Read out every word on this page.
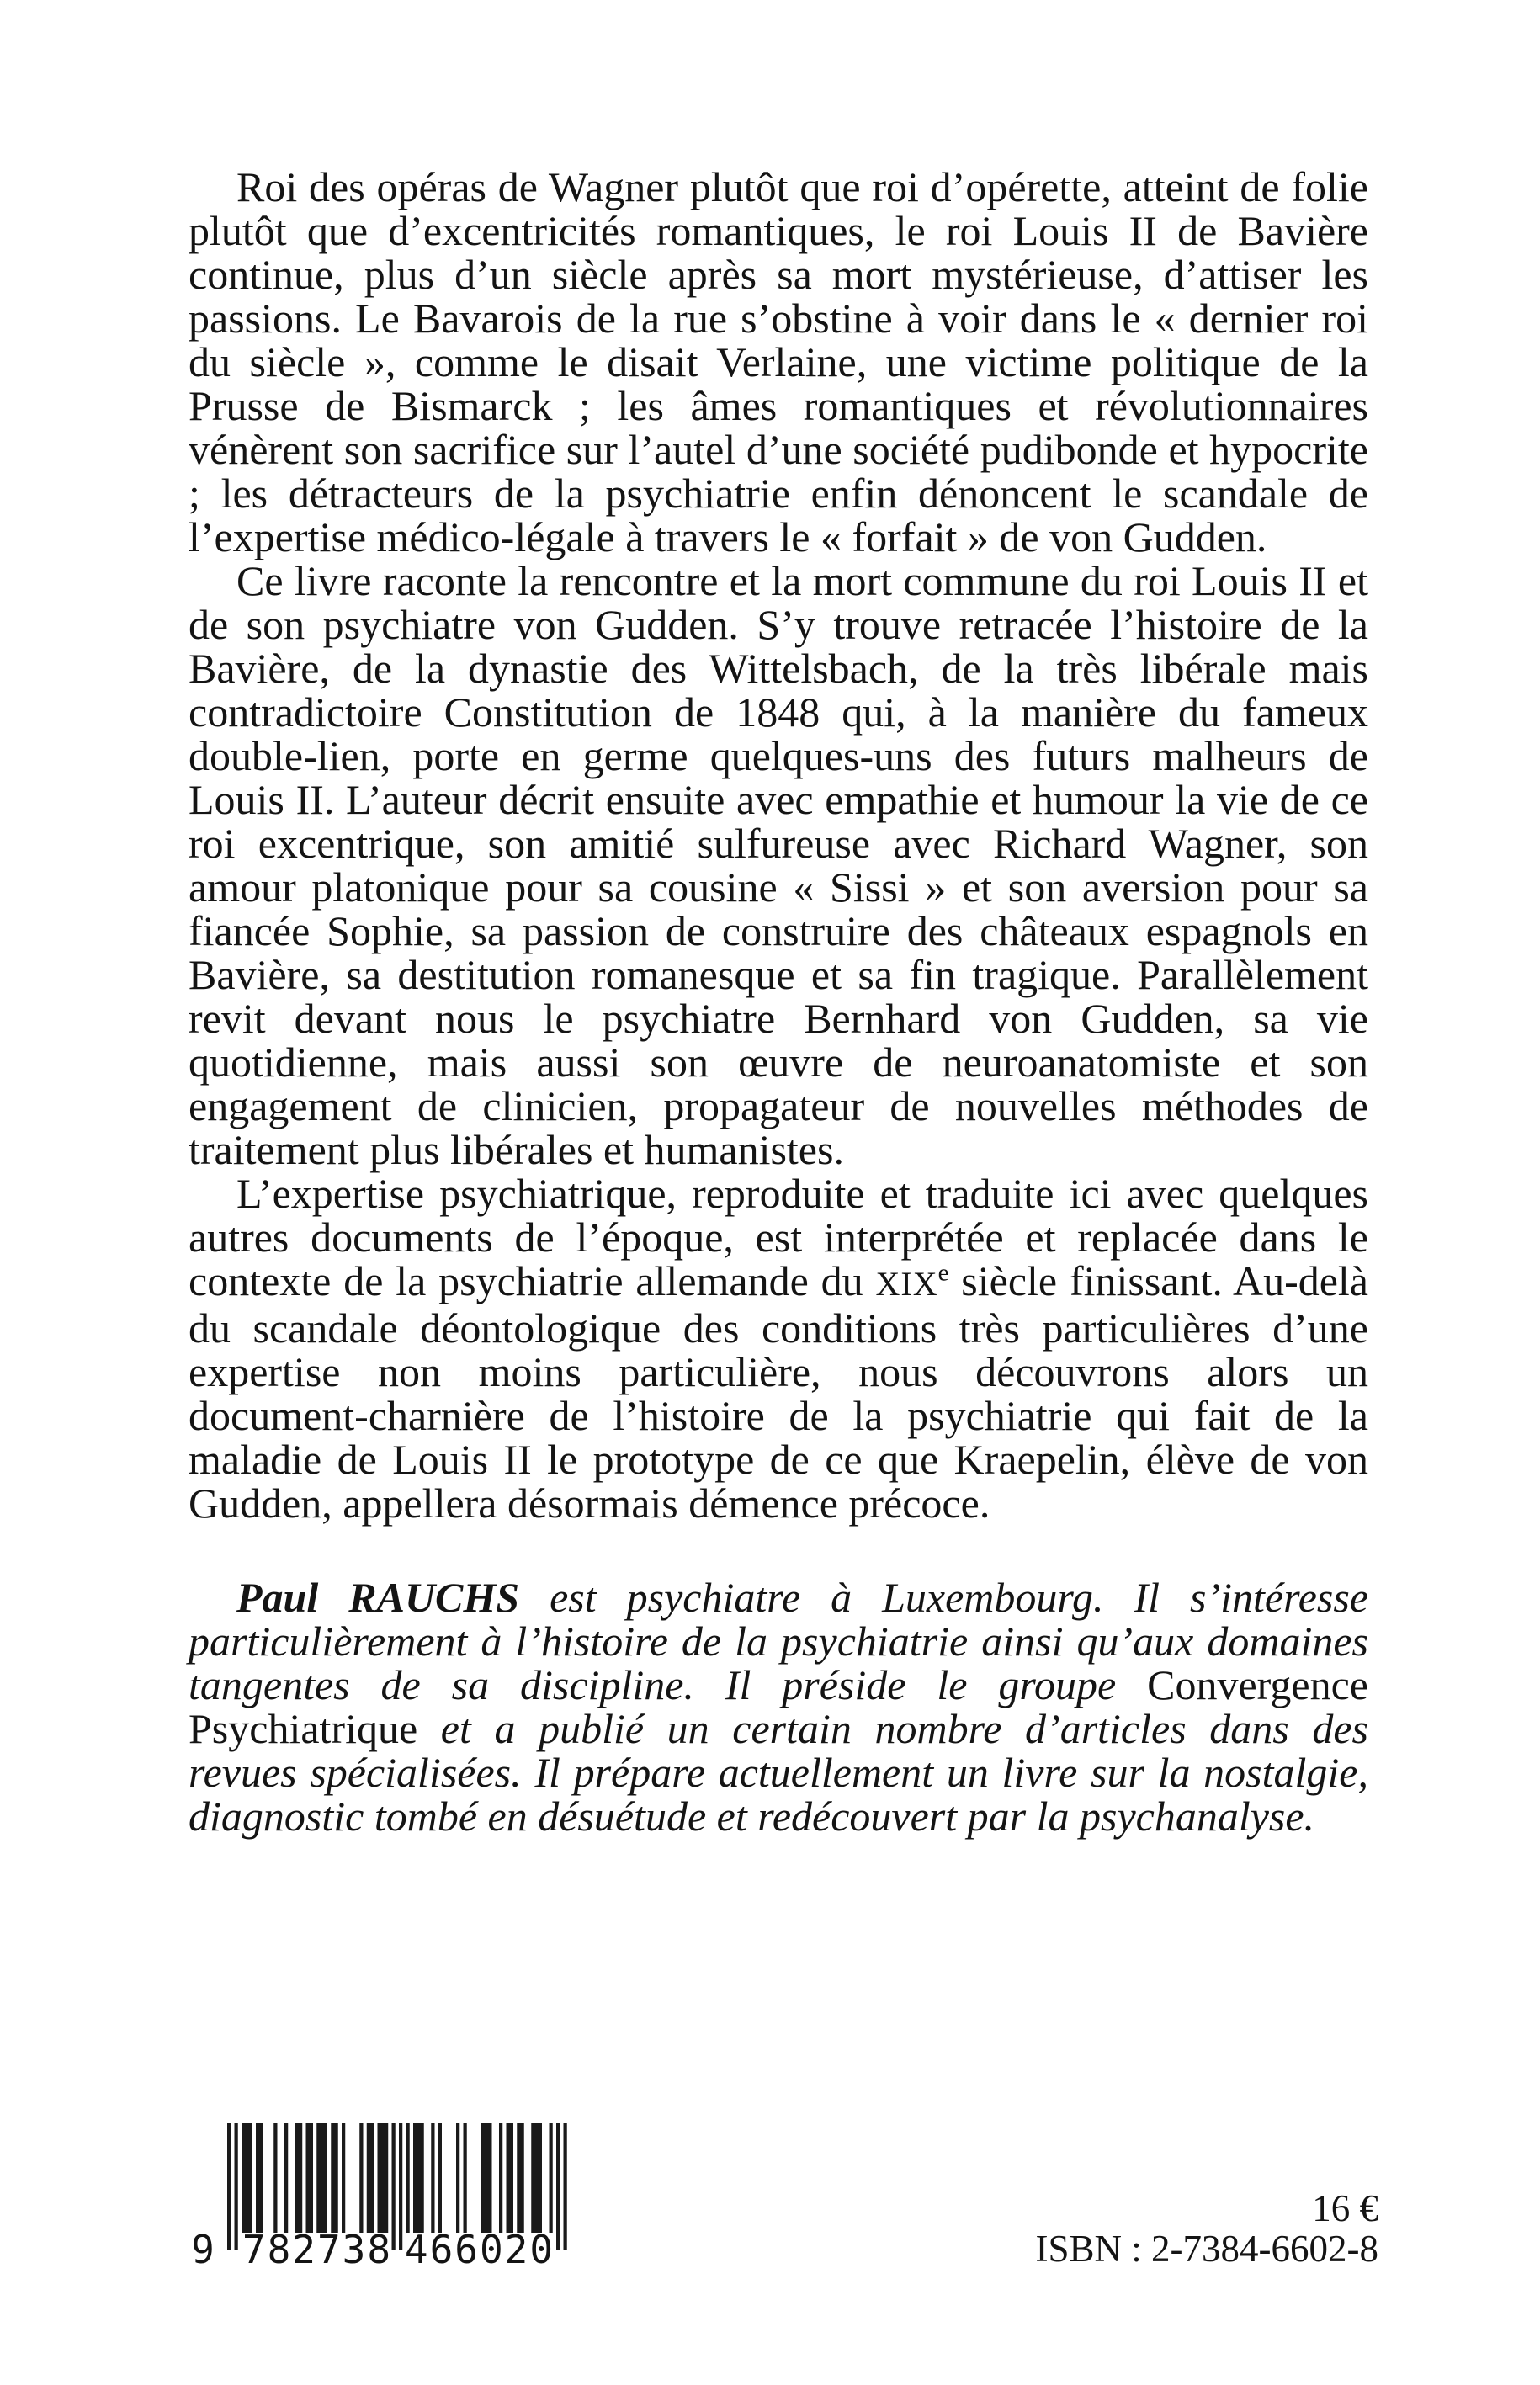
Roi des opéras de Wagner plutôt que roi d’opérette, atteint de folie plutôt que d’excentricités romantiques, le roi Louis II de Bavière continue, plus d’un siècle après sa mort mystérieuse, d’attiser les passions. Le Bavarois de la rue s’obstine à voir dans le « dernier roi du siècle », comme le disait Verlaine, une victime politique de la Prusse de Bismarck ; les âmes romantiques et révolutionnaires vénèrent son sacrifice sur l’autel d’une société pudibonde et hypocrite ; les détracteurs de la psychiatrie enfin dénoncent le scandale de l’expertise médico-légale à travers le « forfait » de von Gudden.

Ce livre raconte la rencontre et la mort commune du roi Louis II et de son psychiatre von Gudden. S’y trouve retracée l’histoire de la Bavière, de la dynastie des Wittelsbach, de la très libérale mais contradictoire Constitution de 1848 qui, à la manière du fameux double-lien, porte en germe quelques-uns des futurs malheurs de Louis II. L’auteur décrit ensuite avec empathie et humour la vie de ce roi excentrique, son amitié sulfureuse avec Richard Wagner, son amour platonique pour sa cousine « Sissi » et son aversion pour sa fiancée Sophie, sa passion de construire des châteaux espagnols en Bavière, sa destitution romanesque et sa fin tragique. Parallèlement revit devant nous le psychiatre Bernhard von Gudden, sa vie quotidienne, mais aussi son œuvre de neuroanatomiste et son engagement de clinicien, propagateur de nouvelles méthodes de traitement plus libérales et humanistes.

L’expertise psychiatrique, reproduite et traduite ici avec quelques autres documents de l’époque, est interprétée et replacée dans le contexte de la psychiatrie allemande du XIXe siècle finissant. Au-delà du scandale déontologique des conditions très particulières d’une expertise non moins particulière, nous découvrons alors un document-charnière de l’histoire de la psychiatrie qui fait de la maladie de Louis II le prototype de ce que Kraepelin, élève de von Gudden, appellera désormais démence précoce.

Paul RAUCHS est psychiatre à Luxembourg. Il s’intéresse particulièrement à l’histoire de la psychiatrie ainsi qu’aux domaines tangentes de sa discipline. Il préside le groupe Convergence Psychiatrique et a publié un certain nombre d’articles dans des revues spécialisées. Il prépare actuellement un livre sur la nostalgie, diagnostic tombé en désuétude et redécouvert par la psychanalyse.

9 782738 466020
16 €
ISBN : 2-7384-6602-8
